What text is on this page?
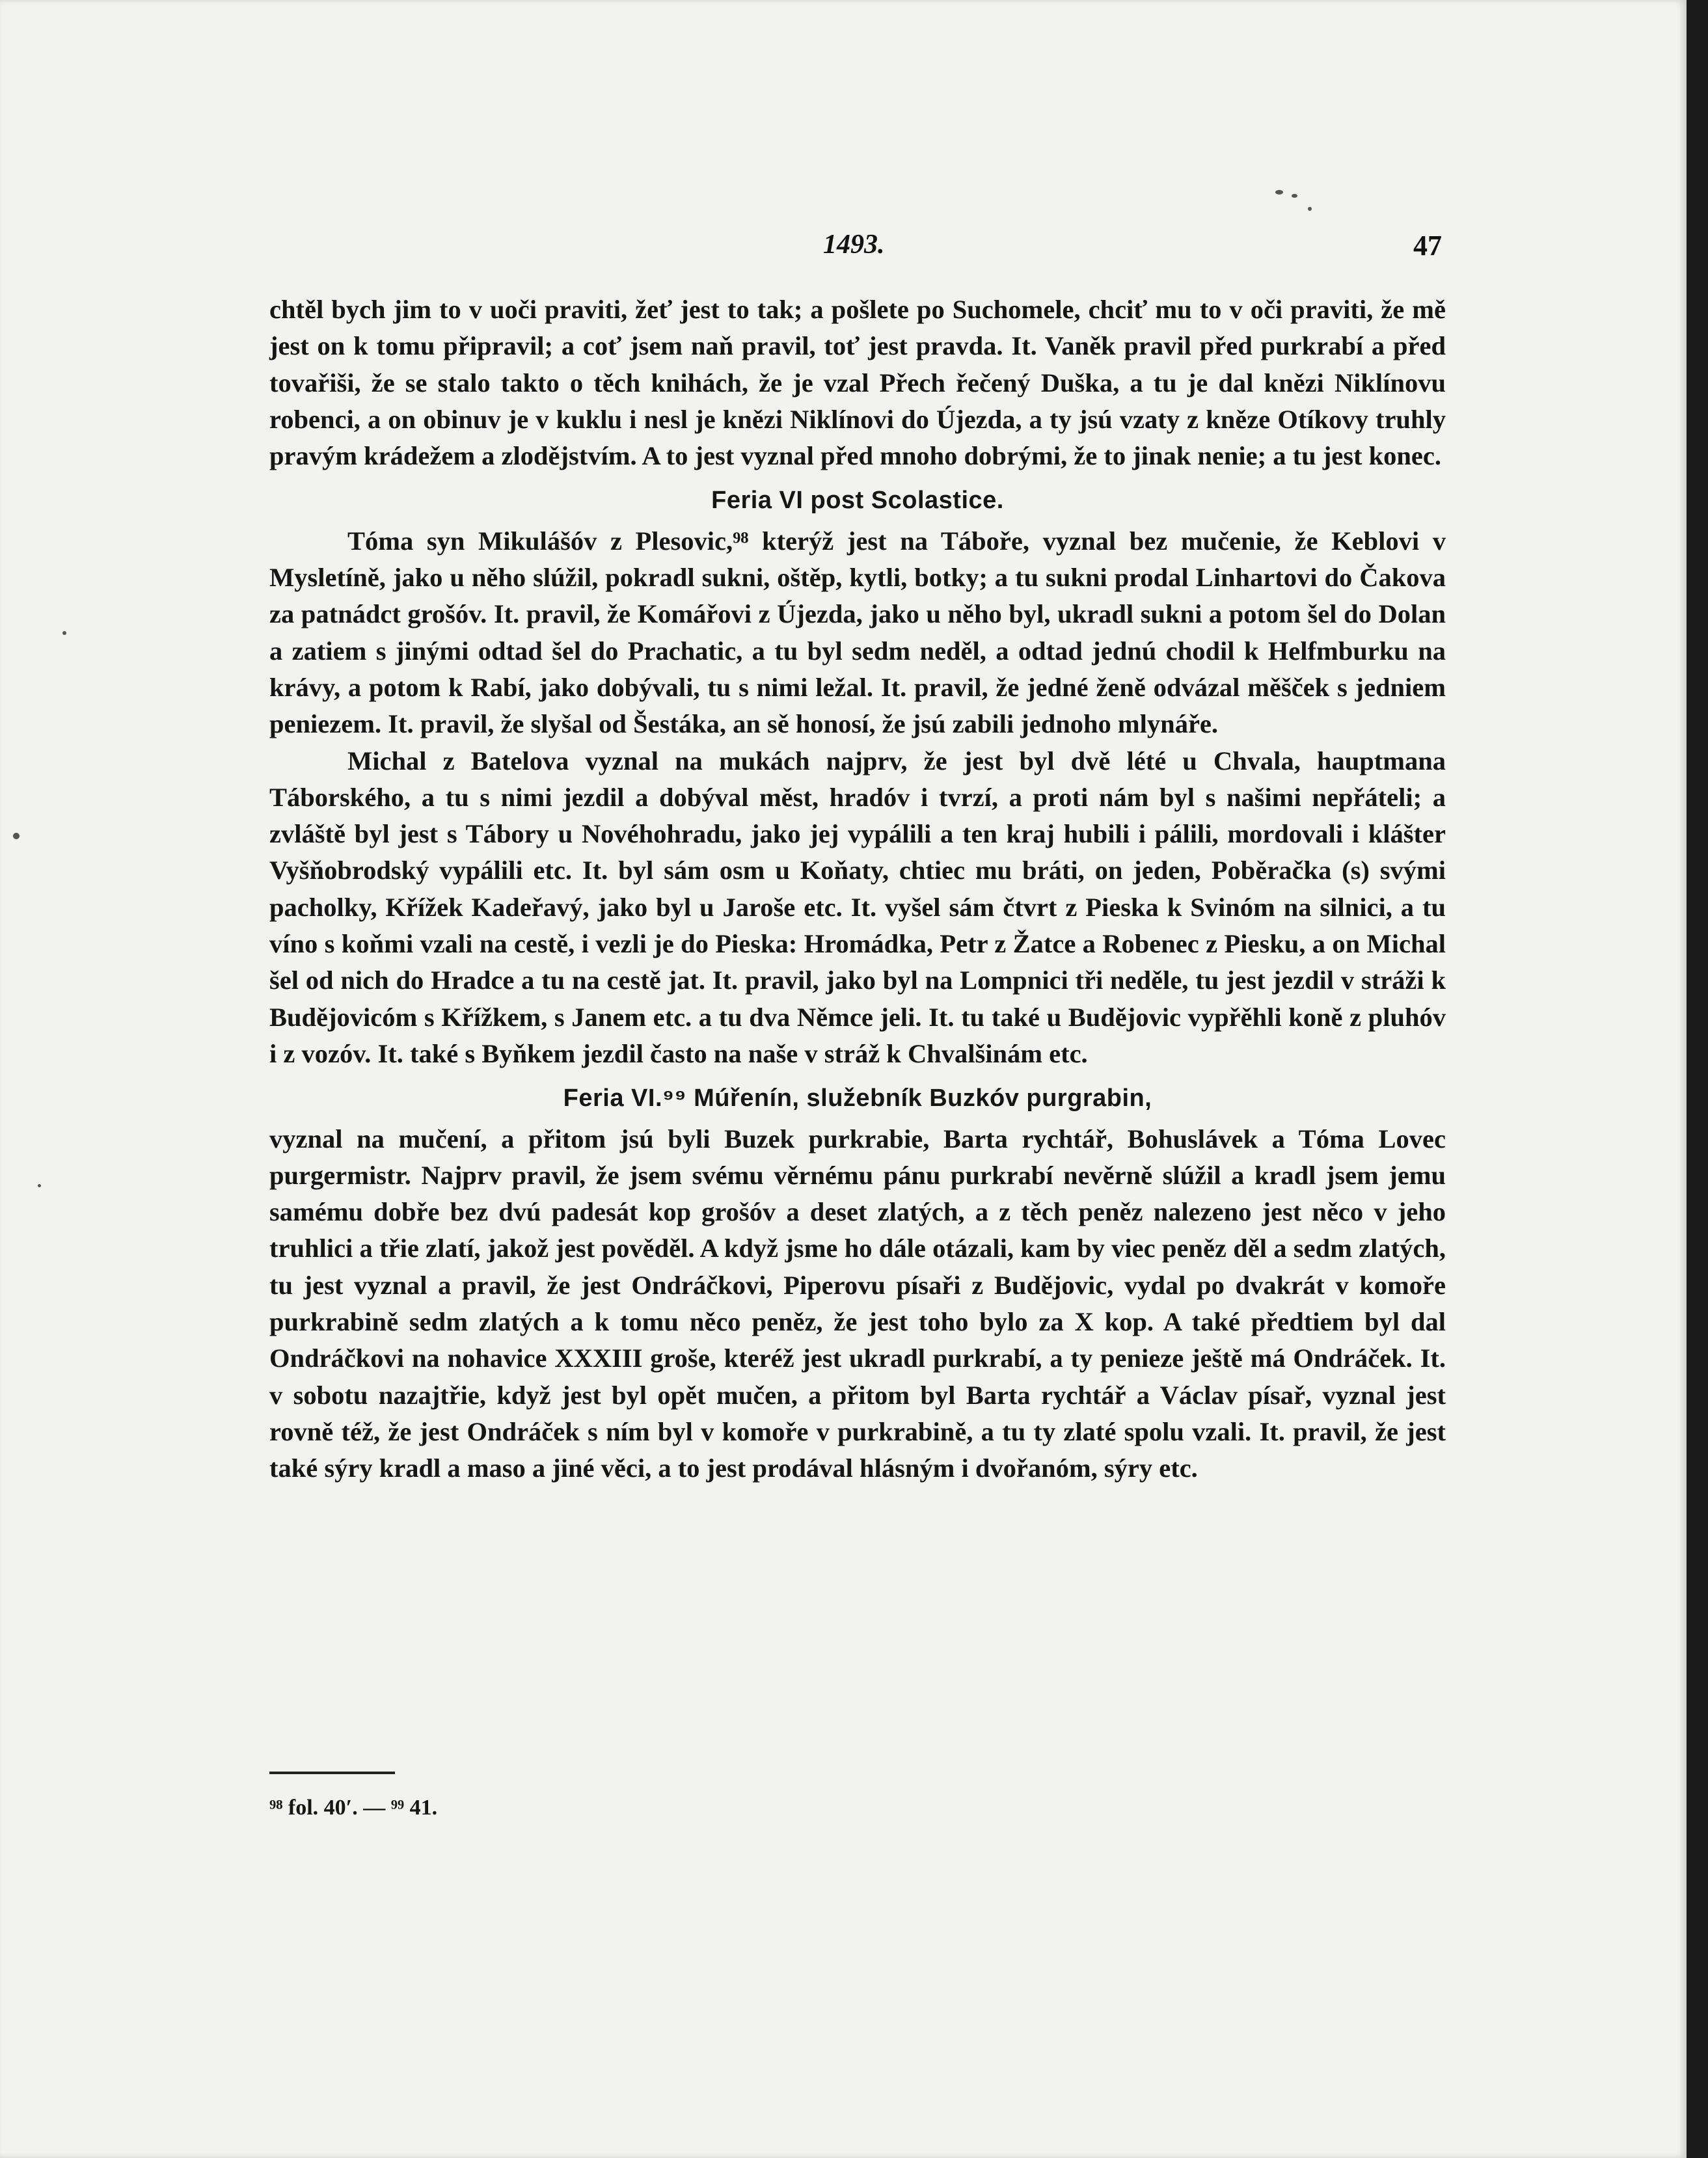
1493.	47

chtěl bych jim to v uoči praviti, žeť jest to tak; a pošlete po Suchomele, chciť mu to v oči praviti, že mě jest on k tomu připravil; a coť jsem naň pravil, toť jest pravda. It. Vaněk pravil před purkrabí a před tovařiši, že se stalo takto o těch knihách, že je vzal Přech řečený Duška, a tu je dal knězi Niklínovu robenci, a on obinuv je v kuklu i nesl je knězi Niklínovi do Újezda, a ty jsú vzaty z kněze Otíkovy truhly pravým krádežem a zlodějstvím. A to jest vyznal před mnoho dobrými, že to jinak nenie; a tu jest konec.

Feria VI post Scolasticе.

Tóma syn Mikulášóv z Plesovic,⁹⁸ kterýž jest na Táboře, vyznal bez mučenie, že Keblovi v Mysletíně, jako u něho slúžil, pokradl sukni, oštěp, kytli, botky; a tu sukni prodal Linhartovi do Čakova za patnádct grošóv. It. pravil, že Komářovi z Újezda, jako u něho byl, ukradl sukni a potom šel do Dolan a zatiem s jinými odtad šel do Prachatic, a tu byl sedm neděl, a odtad jednú chodil k Helfmburku na krávy, a potom k Rabí, jako dobývali, tu s nimi ležal. It. pravil, že jedné ženě odvázal měšček s jedniem peniezem. It. pravil, že slyšal od Šestáka, an sě honosí, že jsú zabili jednoho mlynáře.

Michal z Batelova vyznal na mukách najprv, že jest byl dvě lété u Chvala, hauptmana Táborského, a tu s nimi jezdil a dobýval měst, hradóv i tvrzí, a proti nám byl s našimi nepřáteli; a zvláště byl jest s Tábory u Novéhohradu, jako jej vypálili a ten kraj hubili i pálili, mordovali i klášter Vyšňobrodský vypálili etc. It. byl sám osm u Koňaty, chtiec mu bráti, on jeden, Poběračka (s) svými pacholky, Křížek Kadeřavý, jako byl u Jaroše etc. It. vyšel sám čtvrt z Pieska k Svinóm na silnici, a tu víno s koňmi vzali na cestě, i vezli je do Pieska: Hromádka, Petr z Žatce a Robenec z Piesku, a on Michal šel od nich do Hradce a tu na cestě jat. It. pravil, jako byl na Lompnici tři neděle, tu jest jezdil v stráži k Budějovicóm s Křížkem, s Janem etc. a tu dva Němce jeli. It. tu také u Budějovic vypřěhli koně z pluhóv i z vozóv. It. také s Byňkem jezdil často na naše v stráž k Chvalšinám etc.

Feria VI.⁹⁹ Múřenín, služebník Buzkóv purgrabin,

vyznal na mučení, a přitom jsú byli Buzek purkrabie, Barta rychtář, Bohuslávek a Tóma Lovec purgermistr. Najprv pravil, že jsem svému věrnému pánu purkrabí nevěrně slúžil a kradl jsem jemu samému dobře bez dvú padesát kop grošóv a deset zlatých, a z těch peněz nalezeno jest něco v jeho truhlici a třie zlatí, jakož jest pověděl. A když jsme ho dále otázali, kam by viec peněz děl a sedm zlatých, tu jest vyznal a pravil, že jest Ondráčkovi, Piperovu písaři z Budějovic, vydal po dvakrát v komoře purkrabině sedm zlatých a k tomu něco peněz, že jest toho bylo za X kop. A také předtiem byl dal Ondráčkovi na nohavice XXXIII groše, kteréž jest ukradl purkrabí, a ty penieze ještě má Ondráček. It. v sobotu nazajtřie, když jest byl opět mučen, a přitom byl Barta rychtář a Václav písař, vyznal jest rovně též, že jest Ondráček s ním byl v komoře v purkrabině, a tu ty zlaté spolu vzali. It. pravil, že jest také sýry kradl a maso a jiné věci, a to jest prodával hlásným i dvořanóm, sýry etc.

⁹⁸ fol. 40′. — ⁹⁹ 41.
